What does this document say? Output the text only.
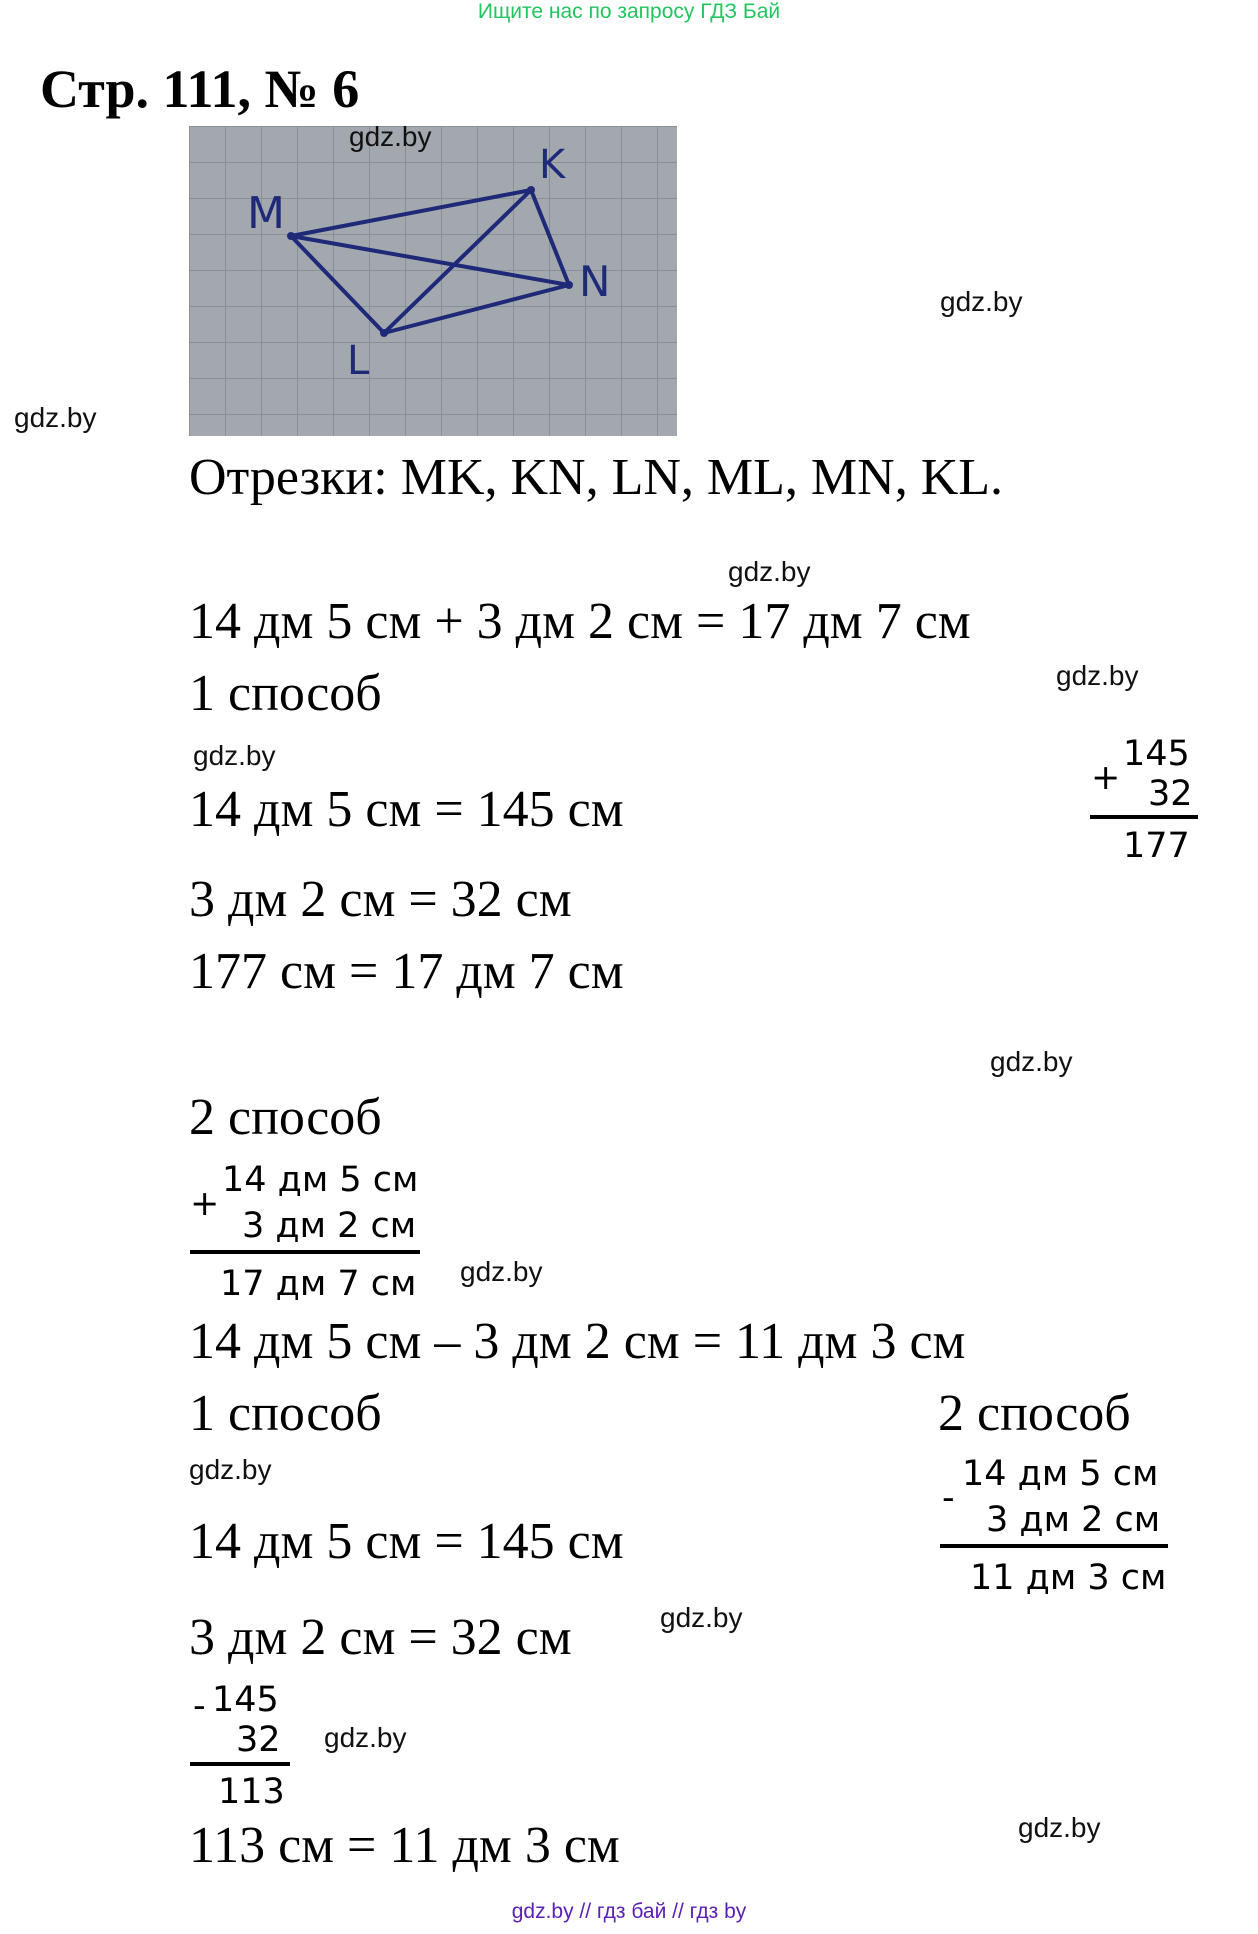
Ищите нас по запросу ГДЗ Бай
Стр. 111, № 6
M
K
N
L
gdz.by
gdz.by
gdz.by
Отрезки: MK, KN, LN, ML, MN, KL.
gdz.by
14 дм 5 см + 3 дм 2 см = 17 дм 7 см
gdz.by
1 способ
gdz.by
14 дм 5 см = 145 см
+
145
32
177
3 дм 2 см = 32 см
177 см = 17 дм 7 см
gdz.by
2 способ
+
14 дм 5 см
3 дм 2 см
17 дм 7 см gdz.by
14 дм 5 см – 3 дм 2 см = 11 дм 3 см
1 способ	2 способ
gdz.by
-
14 дм 5 см
3 дм 2 см
11 дм 3 см
14 дм 5 см = 145 см
3 дм 2 см = 32 см	gdz.by
- 145
32
113
gdz.by
113 см = 11 дм 3 см	gdz.by
gdz.by // гдз бай // гдз by
